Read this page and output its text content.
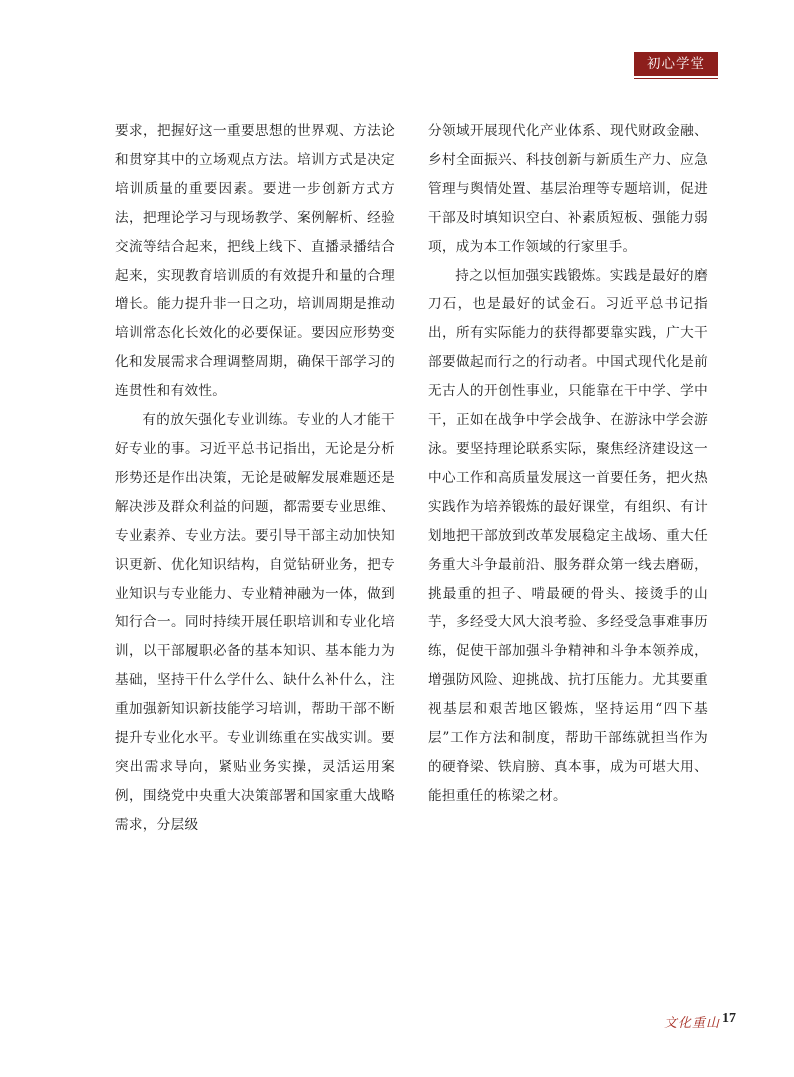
初心学堂

要求，把握好这一重要思想的世界观、方法论和贯穿其中的立场观点方法。培训方式是决定培训质量的重要因素。要进一步创新方式方法，把理论学习与现场教学、案例解析、经验交流等结合起来，把线上线下、直播录播结合起来，实现教育培训质的有效提升和量的合理增长。能力提升非一日之功，培训周期是推动培训常态化长效化的必要保证。要因应形势变化和发展需求合理调整周期，确保干部学习的连贯性和有效性。

有的放矢强化专业训练。专业的人才能干好专业的事。习近平总书记指出，无论是分析形势还是作出决策，无论是破解发展难题还是解决涉及群众利益的问题，都需要专业思维、专业素养、专业方法。要引导干部主动加快知识更新、优化知识结构，自觉钻研业务，把专业知识与专业能力、专业精神融为一体，做到知行合一。同时持续开展任职培训和专业化培训，以干部履职必备的基本知识、基本能力为基础，坚持干什么学什么、缺什么补什么，注重加强新知识新技能学习培训，帮助干部不断提升专业化水平。专业训练重在实战实训。要突出需求导向，紧贴业务实操，灵活运用案例，围绕党中央重大决策部署和国家重大战略需求，分层级

分领域开展现代化产业体系、现代财政金融、乡村全面振兴、科技创新与新质生产力、应急管理与舆情处置、基层治理等专题培训，促进干部及时填知识空白、补素质短板、强能力弱项，成为本工作领域的行家里手。

持之以恒加强实践锻炼。实践是最好的磨刀石，也是最好的试金石。习近平总书记指出，所有实际能力的获得都要靠实践，广大干部要做起而行之的行动者。中国式现代化是前无古人的开创性事业，只能靠在干中学、学中干，正如在战争中学会战争、在游泳中学会游泳。要坚持理论联系实际，聚焦经济建设这一中心工作和高质量发展这一首要任务，把火热实践作为培养锻炼的最好课堂，有组织、有计划地把干部放到改革发展稳定主战场、重大任务重大斗争最前沿、服务群众第一线去磨砺，挑最重的担子、啃最硬的骨头、接烫手的山芋，多经受大风大浪考验、多经受急事难事历练，促使干部加强斗争精神和斗争本领养成，增强防风险、迎挑战、抗打压能力。尤其要重视基层和艰苦地区锻炼，坚持运用“四下基层”工作方法和制度，帮助干部练就担当作为的硬脊梁、铁肩膀、真本事，成为可堪大用、能担重任的栋梁之材。

文化重山 17
